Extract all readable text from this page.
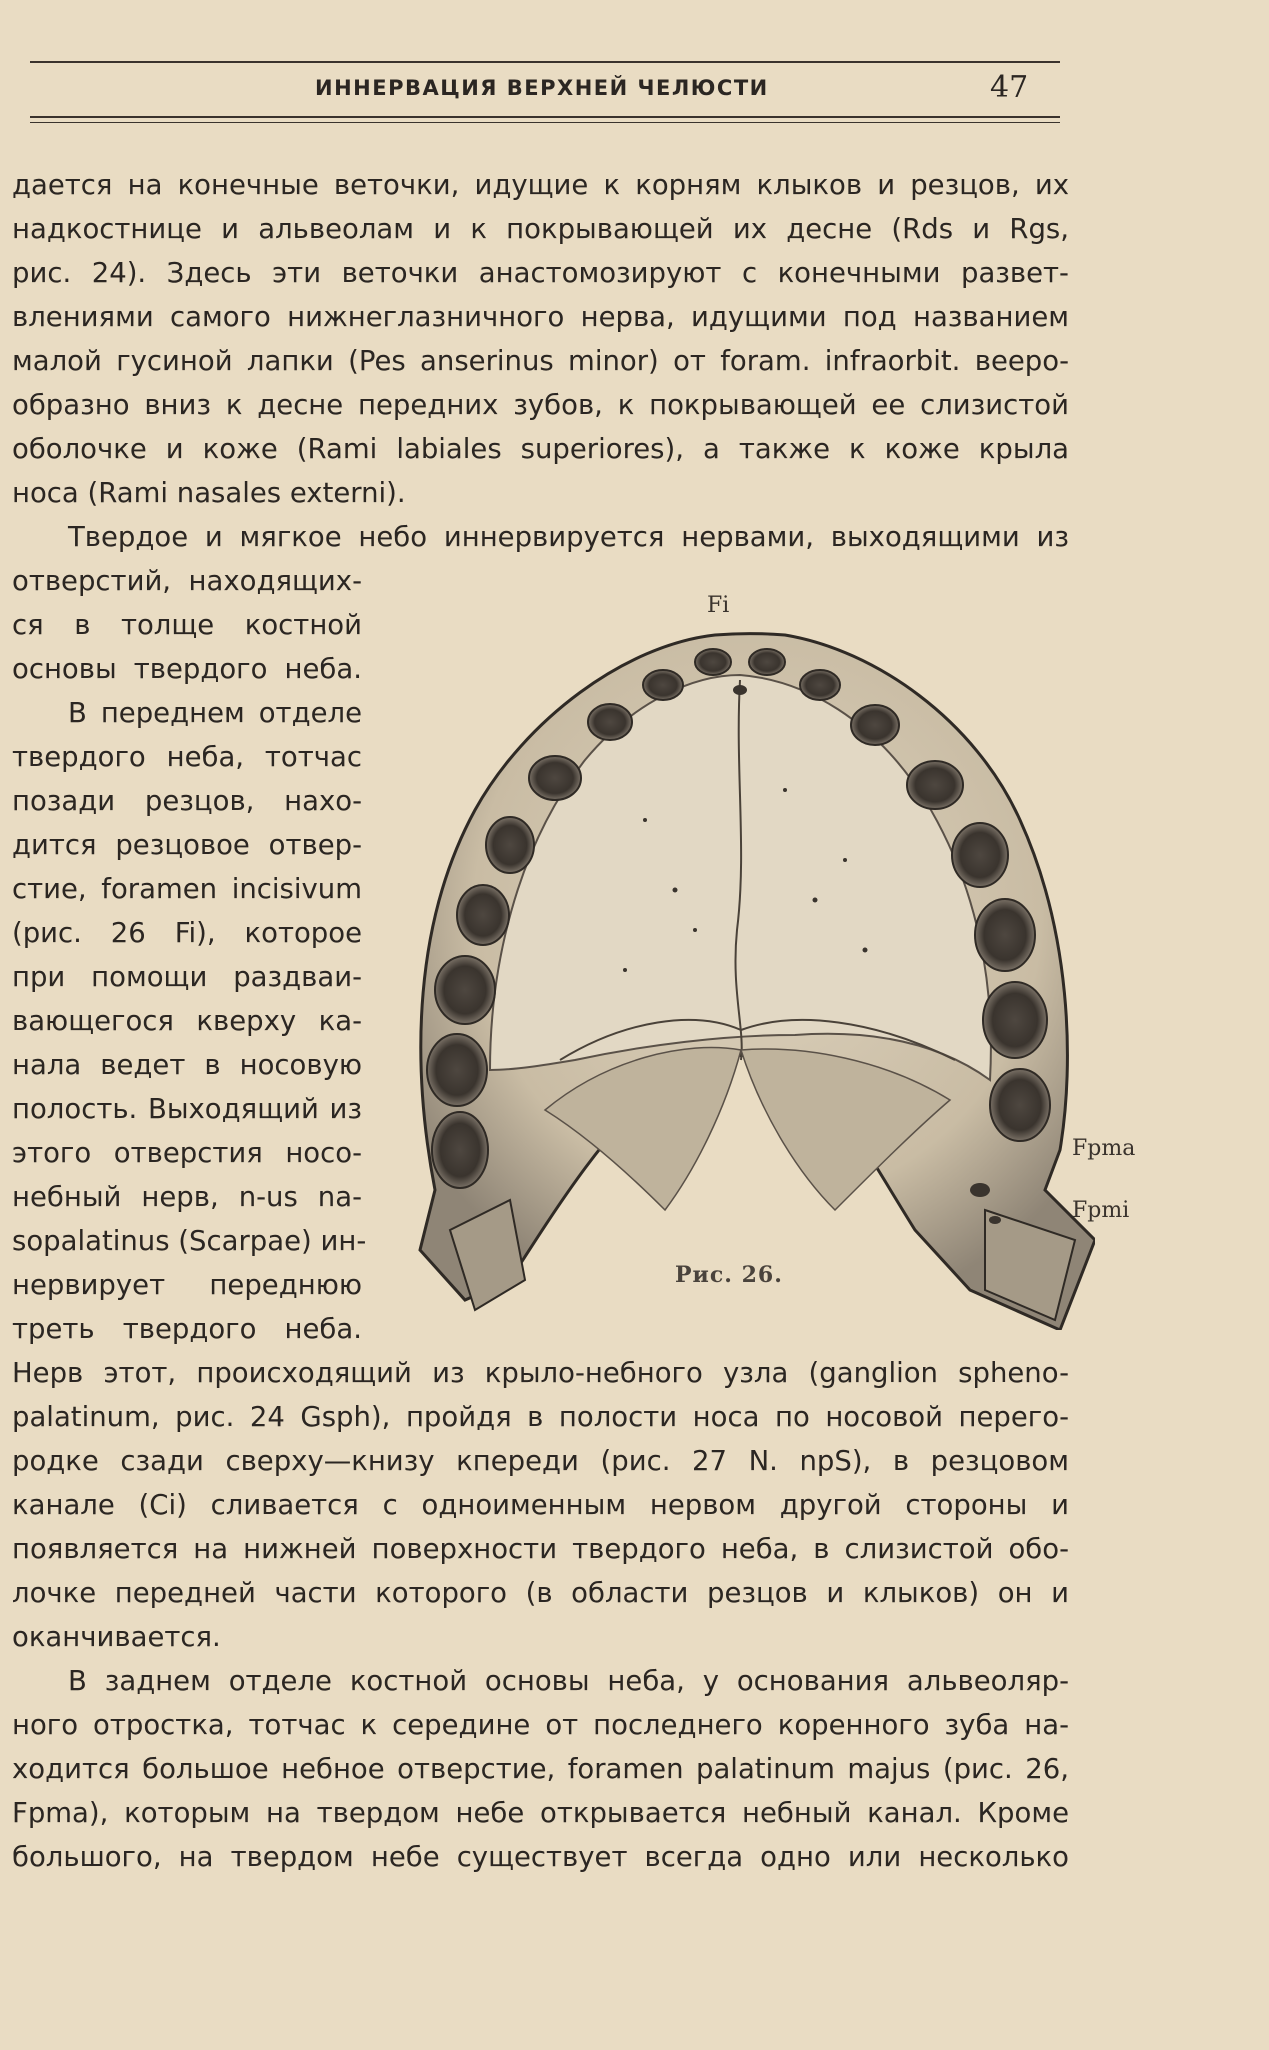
ИННЕРВАЦИЯ ВЕРХНЕЙ ЧЕЛЮСТИ	47
дается на конечные веточки, идущие к корням клыков и резцов, их
надкостнице и альвеолам и к покрывающей их десне (Rds и Rgs,
рис. 24). Здесь эти веточки анастомозируют с конечными развет-
влениями самого нижнеглазничного нерва, идущими под названием
малой гусиной лапки (Pes anserinus minor) от foram. infraorbit. вееро-
образно вниз к десне передних зубов, к покрывающей ее слизистой
оболочке и коже (Rami labiales superiores), а также к коже крыла
носа (Rami nasales externi).
Твердое и мягкое небо иннервируется нервами, выходящими из
отверстий, находящих-
ся в толще костной
основы твердого неба.
В переднем отделе
твердого неба, тотчас
позади резцов, нахо-
дится резцовое отвер-
стие, foramen incisivum
(рис. 26 Fi), которое
при помощи раздваи-
вающегося кверху ка-
нала ведет в носовую
полость. Выходящий из
этого отверстия носо-
небный нерв, n-us na-
sopalatinus (Scarpae) ин-
нервирует переднюю
треть твердого неба.
Нерв этот, происходящий из крыло-небного узла (ganglion spheno-
palatinum, рис. 24 Gsph), пройдя в полости носа по носовой перего-
родке сзади сверху—книзу кпереди (рис. 27 N. npS), в резцовом
канале (Ci) сливается с одноименным нервом другой стороны и
появляется на нижней поверхности твердого неба, в слизистой обо-
лочке передней части которого (в области резцов и клыков) он и
оканчивается.
В заднем отделе костной основы неба, у основания альвеоляр-
ного отростка, тотчас к середине от последнего коренного зуба на-
ходится большое небное отверстие, foramen palatinum majus (рис. 26,
Fpma), которым на твердом небе открывается небный канал. Кроме
большого, на твердом небе существует всегда одно или несколько
Fi
Fpma
Fpmi
Рис. 26.
